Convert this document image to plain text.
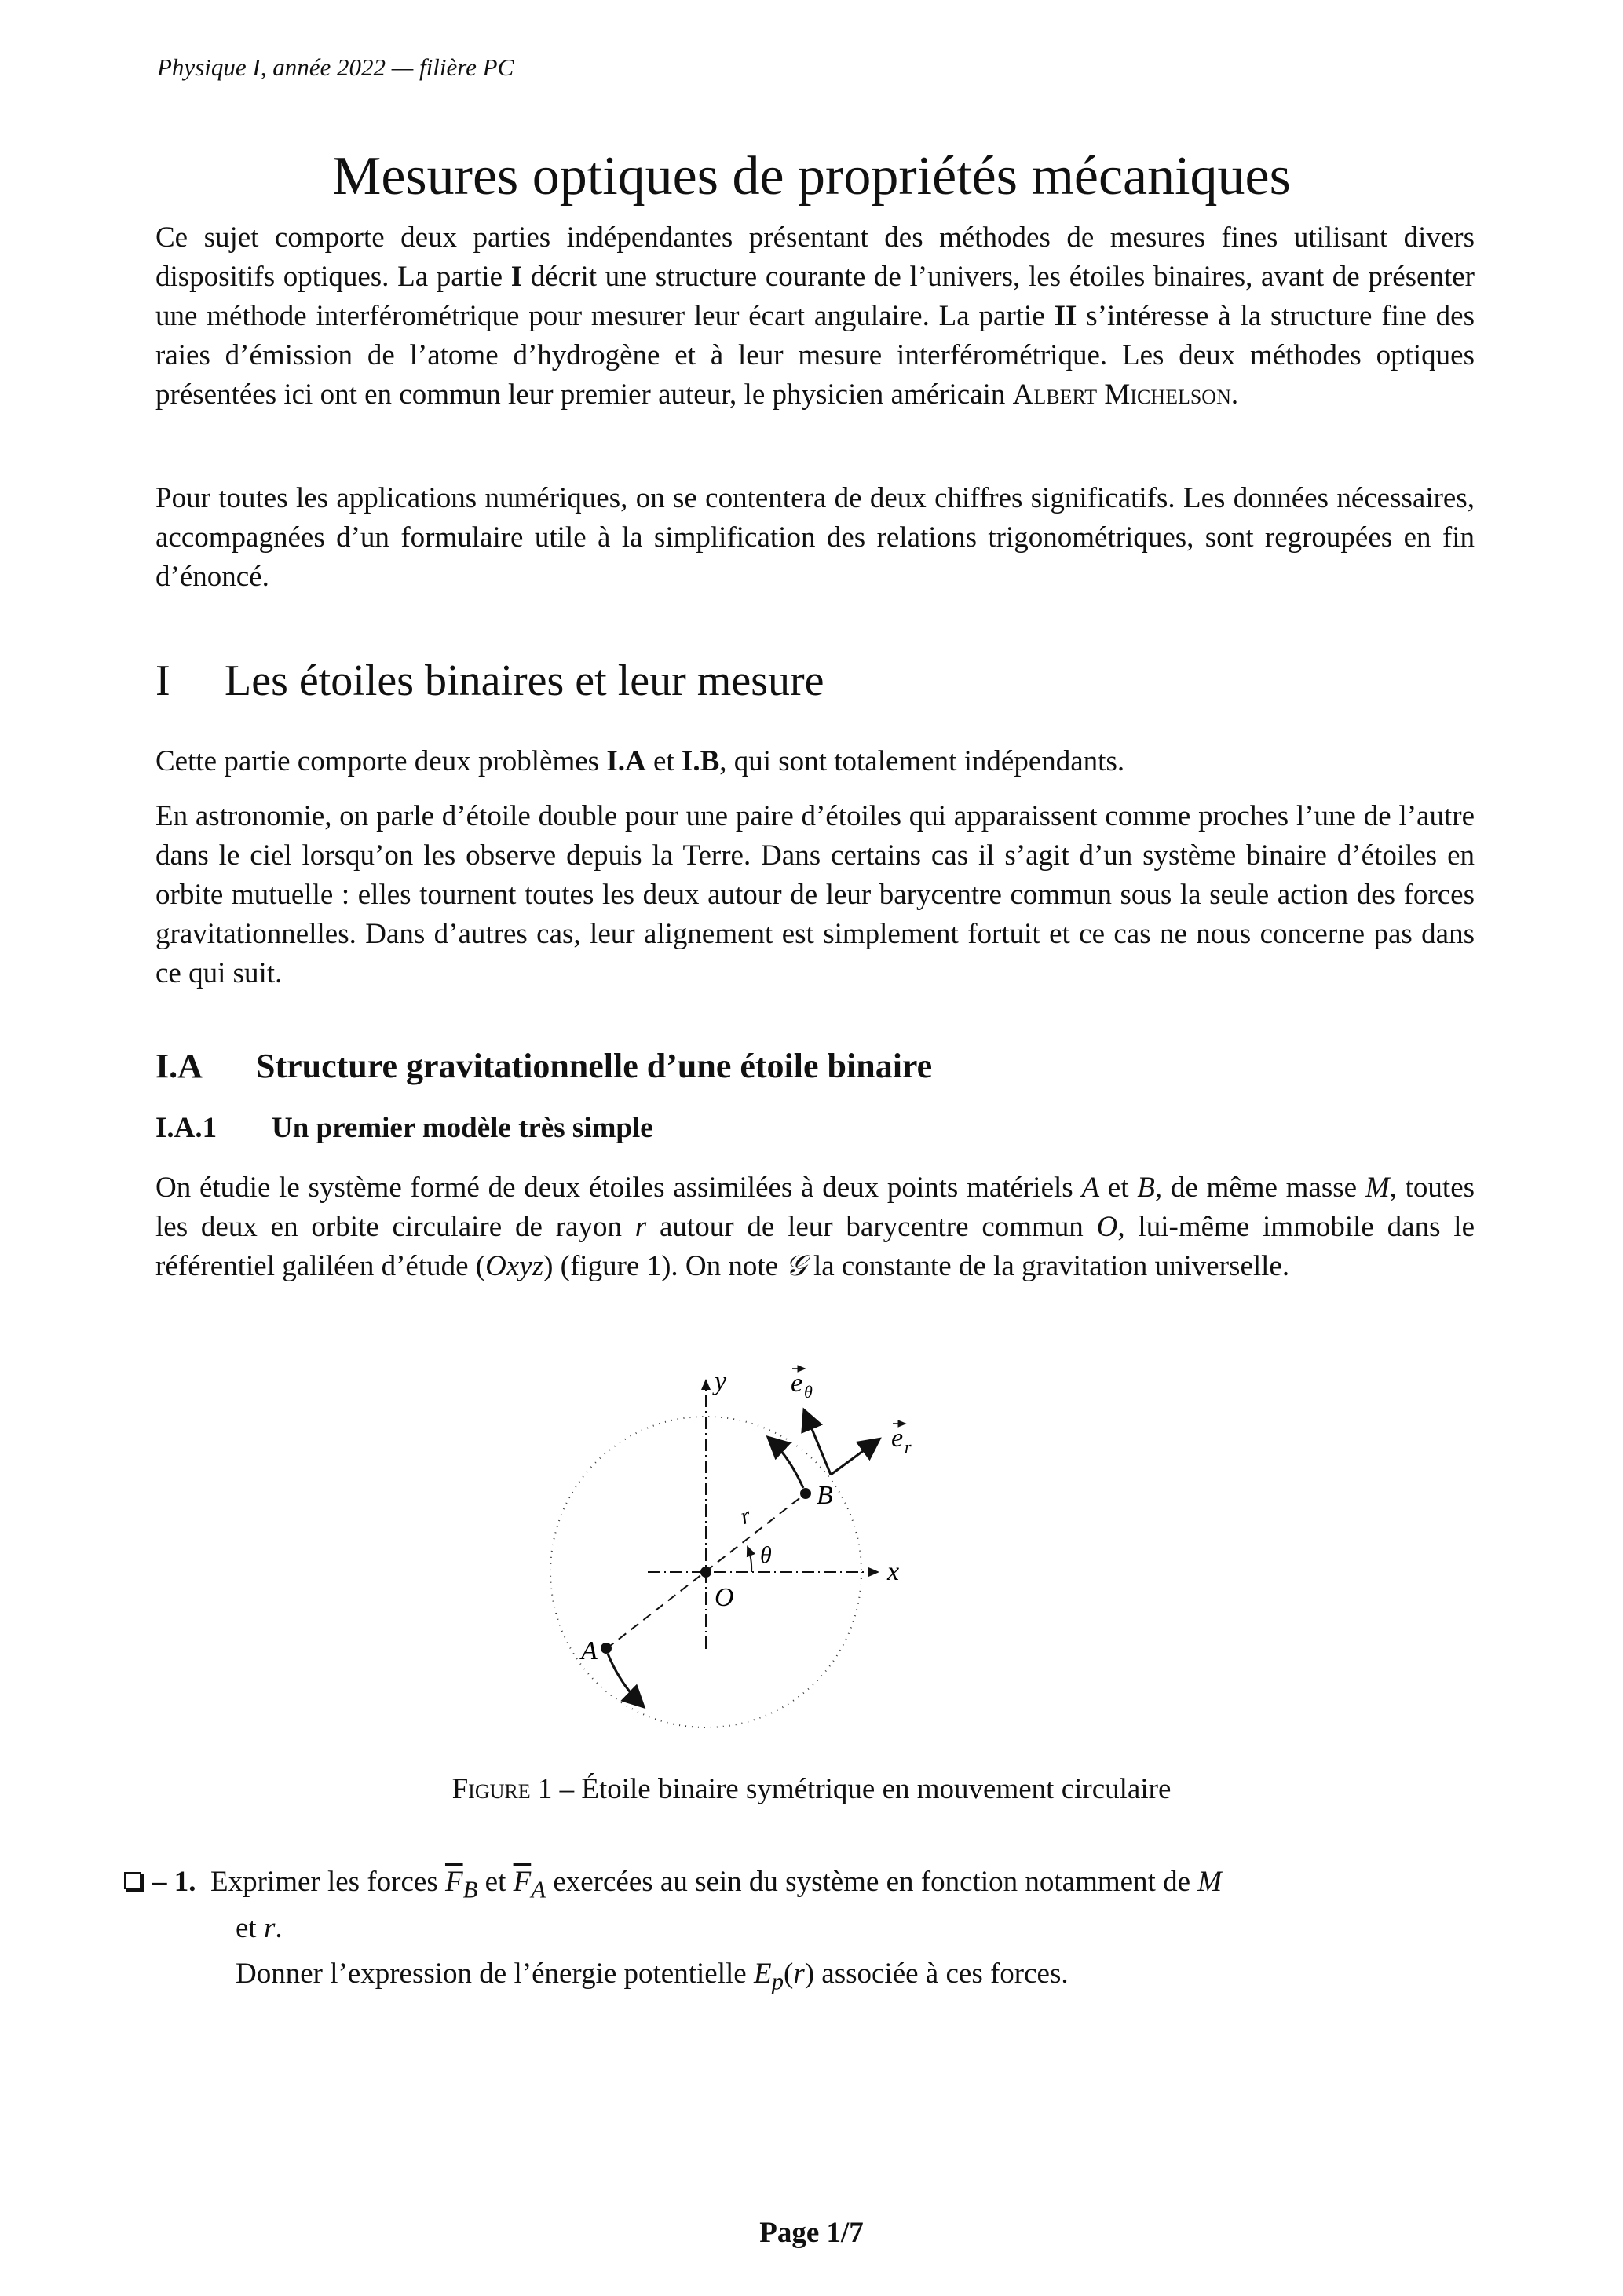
Physique I, année 2022 — filière PC
Mesures optiques de propriétés mécaniques
Ce sujet comporte deux parties indépendantes présentant des méthodes de mesures fines utilisant divers dispositifs optiques. La partie I décrit une structure courante de l’univers, les étoiles binaires, avant de présenter une méthode interférométrique pour mesurer leur écart angulaire. La partie II s’intéresse à la structure fine des raies d’émission de l’atome d’hydrogène et à leur mesure interférométrique. Les deux méthodes optiques présentées ici ont en commun leur premier auteur, le physicien américain Albert Michelson.
Pour toutes les applications numériques, on se contentera de deux chiffres significatifs. Les données nécessaires, accompagnées d’un formulaire utile à la simplification des relations trigonométriques, sont regroupées en fin d’énoncé.
I Les étoiles binaires et leur mesure
Cette partie comporte deux problèmes I.A et I.B, qui sont totalement indépendants.
En astronomie, on parle d’étoile double pour une paire d’étoiles qui apparaissent comme proches l’une de l’autre dans le ciel lorsqu’on les observe depuis la Terre. Dans certains cas il s’agit d’un système binaire d’étoiles en orbite mutuelle : elles tournent toutes les deux autour de leur barycentre commun sous la seule action des forces gravitationnelles. Dans d’autres cas, leur alignement est simplement fortuit et ce cas ne nous concerne pas dans ce qui suit.
I.A Structure gravitationnelle d’une étoile binaire
I.A.1 Un premier modèle très simple
On étudie le système formé de deux étoiles assimilées à deux points matériels A et B, de même masse M, toutes les deux en orbite circulaire de rayon r autour de leur barycentre commun O, lui-même immobile dans le référentiel galiléen d’étude (Oxyz) (figure 1). On note 𝒢 la constante de la gravitation universelle.
y
x
O
B
A
r
θ
e θ
e r
Figure 1 – Étoile binaire symétrique en mouvement circulaire
– 1. Exprimer les forces $\overline{F}_B$ et $\overline{F}_A$ exercées au sein du système en fonction notamment de M
et r.
Donner l’expression de l’énergie potentielle $E_p(r)$ associée à ces forces.
Page 1/7
